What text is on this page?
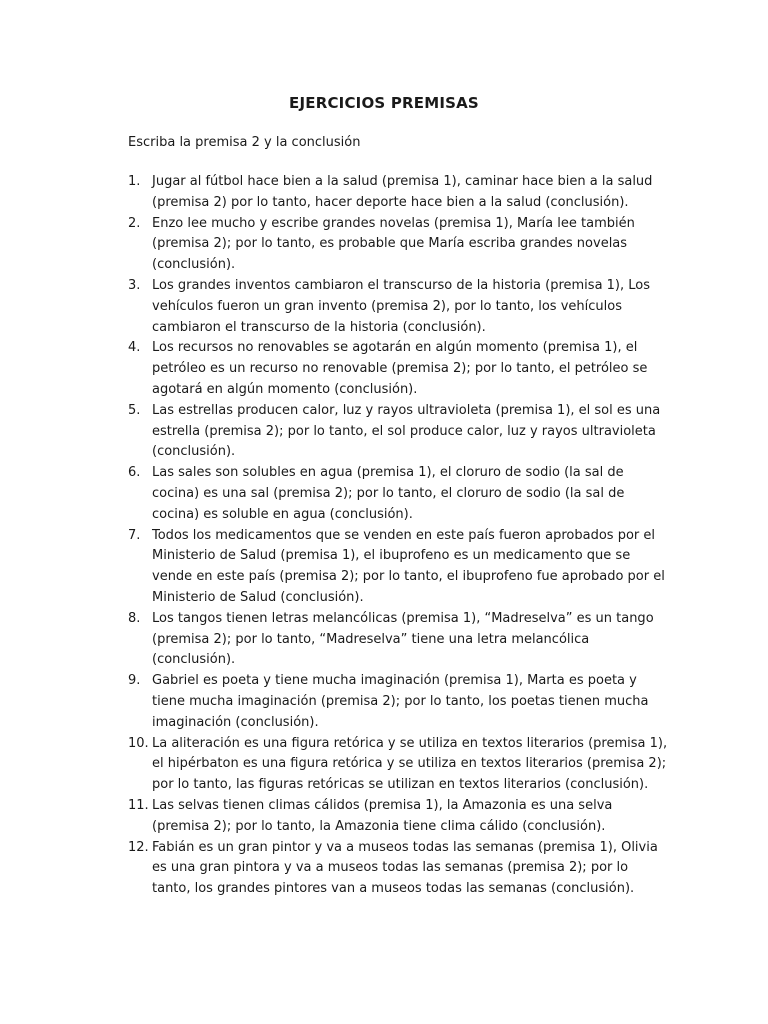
EJERCICIOS PREMISAS

Escriba la premisa 2 y la conclusión

1. Jugar al fútbol hace bien a la salud (premisa 1), caminar hace bien a la salud (premisa 2) por lo tanto, hacer deporte hace bien a la salud (conclusión).
2. Enzo lee mucho y escribe grandes novelas (premisa 1), María lee también (premisa 2); por lo tanto, es probable que María escriba grandes novelas (conclusión).
3. Los grandes inventos cambiaron el transcurso de la historia (premisa 1), Los vehículos fueron un gran invento (premisa 2), por lo tanto, los vehículos cambiaron el transcurso de la historia (conclusión).
4. Los recursos no renovables se agotarán en algún momento (premisa 1), el petróleo es un recurso no renovable (premisa 2); por lo tanto, el petróleo se agotará en algún momento (conclusión).
5. Las estrellas producen calor, luz y rayos ultravioleta (premisa 1), el sol es una estrella (premisa 2); por lo tanto, el sol produce calor, luz y rayos ultravioleta (conclusión).
6. Las sales son solubles en agua (premisa 1), el cloruro de sodio (la sal de cocina) es una sal (premisa 2); por lo tanto, el cloruro de sodio (la sal de cocina) es soluble en agua (conclusión).
7. Todos los medicamentos que se venden en este país fueron aprobados por el Ministerio de Salud (premisa 1), el ibuprofeno es un medicamento que se vende en este país (premisa 2); por lo tanto, el ibuprofeno fue aprobado por el Ministerio de Salud (conclusión).
8. Los tangos tienen letras melancólicas (premisa 1), “Madreselva” es un tango (premisa 2); por lo tanto, “Madreselva” tiene una letra melancólica (conclusión).
9. Gabriel es poeta y tiene mucha imaginación (premisa 1), Marta es poeta y tiene mucha imaginación (premisa 2); por lo tanto, los poetas tienen mucha imaginación (conclusión).
10. La aliteración es una figura retórica y se utiliza en textos literarios (premisa 1), el hipérbaton es una figura retórica y se utiliza en textos literarios (premisa 2); por lo tanto, las figuras retóricas se utilizan en textos literarios (conclusión).
11. Las selvas tienen climas cálidos (premisa 1), la Amazonia es una selva (premisa 2); por lo tanto, la Amazonia tiene clima cálido (conclusión).
12. Fabián es un gran pintor y va a museos todas las semanas (premisa 1), Olivia es una gran pintora y va a museos todas las semanas (premisa 2); por lo tanto, los grandes pintores van a museos todas las semanas (conclusión).
